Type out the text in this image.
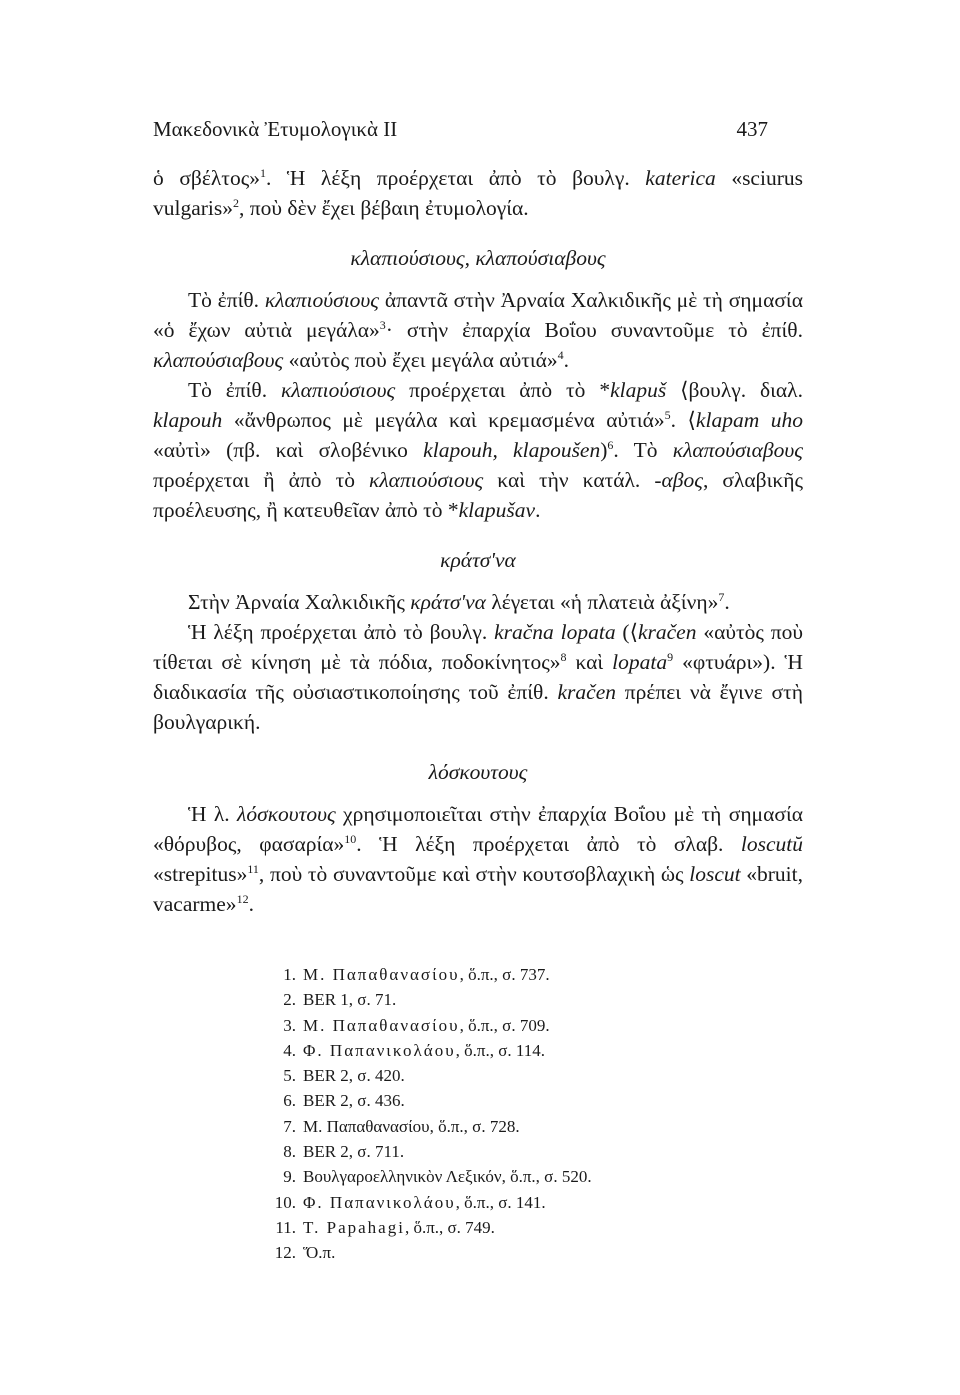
Μακεδονικὰ Ἐτυμολογικὰ ΙΙ	437

ὁ σβέλτος»$^1$. Ἡ λέξη προέρχεται ἀπὸ τὸ βουλγ. katerica «sciurus vulgaris»$^2$, ποὺ δὲν ἔχει βέβαιη ἐτυμολογία.

κλαπιούσιους, κλαπούσιαβους

Τὸ ἐπίθ. κλαπιούσιους ἀπαντᾶ στὴν Ἀρναία Χαλκιδικῆς μὲ τὴ σημασία «ὁ ἔχων αὐτιὰ μεγάλα»$^3$· στὴν ἐπαρχία Βοΐου συναντοῦμε τὸ ἐπίθ. κλαπούσιαβους «αὐτὸς ποὺ ἔχει μεγάλα αὐτιά»$^4$.

Τὸ ἐπίθ. κλαπιούσιους προέρχεται ἀπὸ τὸ *klapuš ⟨βουλγ. διαλ. klapouh «ἄνθρωπος μὲ μεγάλα καὶ κρεμασμένα αὐτιά»$^5$. ⟨klapam uho «αὐτὶ» (πβ. καὶ σλοβένικο klapouh, klapoušen)$^6$. Τὸ κλαπούσιαβους προέρχεται ἢ ἀπὸ τὸ κλαπιούσιους καὶ τὴν κατάλ. -αβος, σλαβικῆς προέλευσης, ἢ κατευθεῖαν ἀπὸ τὸ *klapušav.

κράτσ'να

Στὴν Ἀρναία Χαλκιδικῆς κράτσ'να λέγεται «ἡ πλατειὰ ἀξίνη»$^7$.

Ἡ λέξη προέρχεται ἀπὸ τὸ βουλγ. kračna lopata (⟨kračen «αὐτὸς ποὺ τίθεται σὲ κίνηση μὲ τὰ πόδια, ποδοκίνητος»$^8$ καὶ lopata$^9$ «φτυάρι»). Ἡ διαδικασία τῆς οὐσιαστικοποίησης τοῦ ἐπίθ. kračen πρέπει νὰ ἔγινε στὴ βουλγαρική.

λόσκουτους

Ἡ λ. λόσκουτους χρησιμοποιεῖται στὴν ἐπαρχία Βοΐου μὲ τὴ σημασία «θόρυβος, φασαρία»$^{10}$. Ἡ λέξη προέρχεται ἀπὸ τὸ σλαβ. loscutŭ «strepitus»$^{11}$, ποὺ τὸ συναντοῦμε καὶ στὴν κουτσοβλαχικὴ ὡς loscut «bruit, vacarme»$^{12}$.

1. Μ. Παπαθανασίου, ὅ.π., σ. 737.
2. BER 1, σ. 71.
3. Μ. Παπαθανασίου, ὅ.π., σ. 709.
4. Φ. Παπανικολάου, ὅ.π., σ. 114.
5. BER 2, σ. 420.
6. BER 2, σ. 436.
7. Μ. Παπαθανασίου, ὅ.π., σ. 728.
8. BER 2, σ. 711.
9. Βουλγαροελληνικὸν Λεξικόν, ὅ.π., σ. 520.
10. Φ. Παπανικολάου, ὅ.π., σ. 141.
11. T. Papahagi, ὅ.π., σ. 749.
12. Ὅ.π.
